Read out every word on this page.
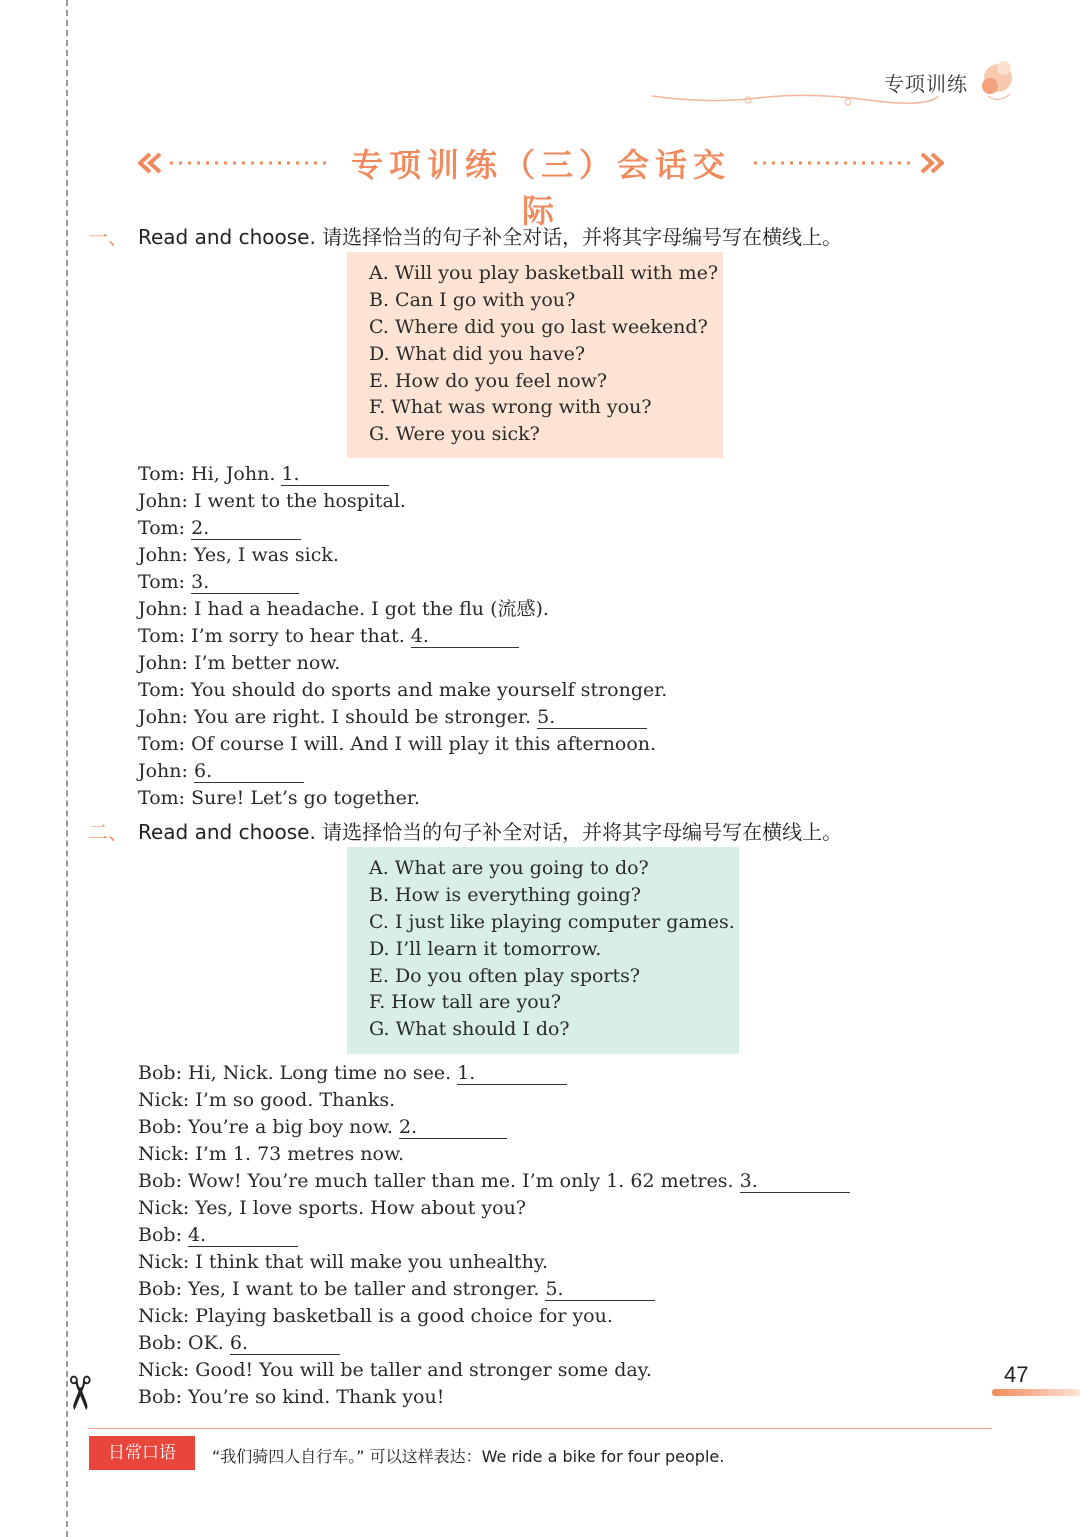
✂
专项训练
专项训练（三）会话交际
一、 Read and choose. 请选择恰当的句子补全对话，并将其字母编号写在横线上。
A. Will you play basketball with me?
B. Can I go with you?
C. Where did you go last weekend?
D. What did you have?
E. How do you feel now?
F. What was wrong with you?
G. Were you sick?
Tom: Hi, John. 1.
John: I went to the hospital.
Tom: 2.
John: Yes, I was sick.
Tom: 3.
John: I had a headache. I got the flu (流感).
Tom: I’m sorry to hear that. 4.
John: I’m better now.
Tom: You should do sports and make yourself stronger.
John: You are right. I should be stronger. 5.
Tom: Of course I will. And I will play it this afternoon.
John: 6.
Tom: Sure! Let’s go together.
二、 Read and choose. 请选择恰当的句子补全对话，并将其字母编号写在横线上。
A. What are you going to do?
B. How is everything going?
C. I just like playing computer games.
D. I’ll learn it tomorrow.
E. Do you often play sports?
F. How tall are you?
G. What should I do?
Bob: Hi, Nick. Long time no see. 1.
Nick: I’m so good. Thanks.
Bob: You’re a big boy now. 2.
Nick: I’m 1. 73 metres now.
Bob: Wow! You’re much taller than me. I’m only 1. 62 metres. 3.
Nick: Yes, I love sports. How about you?
Bob: 4.
Nick: I think that will make you unhealthy.
Bob: Yes, I want to be taller and stronger. 5.
Nick: Playing basketball is a good choice for you.
Bob: OK. 6.
Nick: Good! You will be taller and stronger some day.
Bob: You’re so kind. Thank you!
47
日常口语	“我们骑四人自行车。” 可以这样表达：We ride a bike for four people.
